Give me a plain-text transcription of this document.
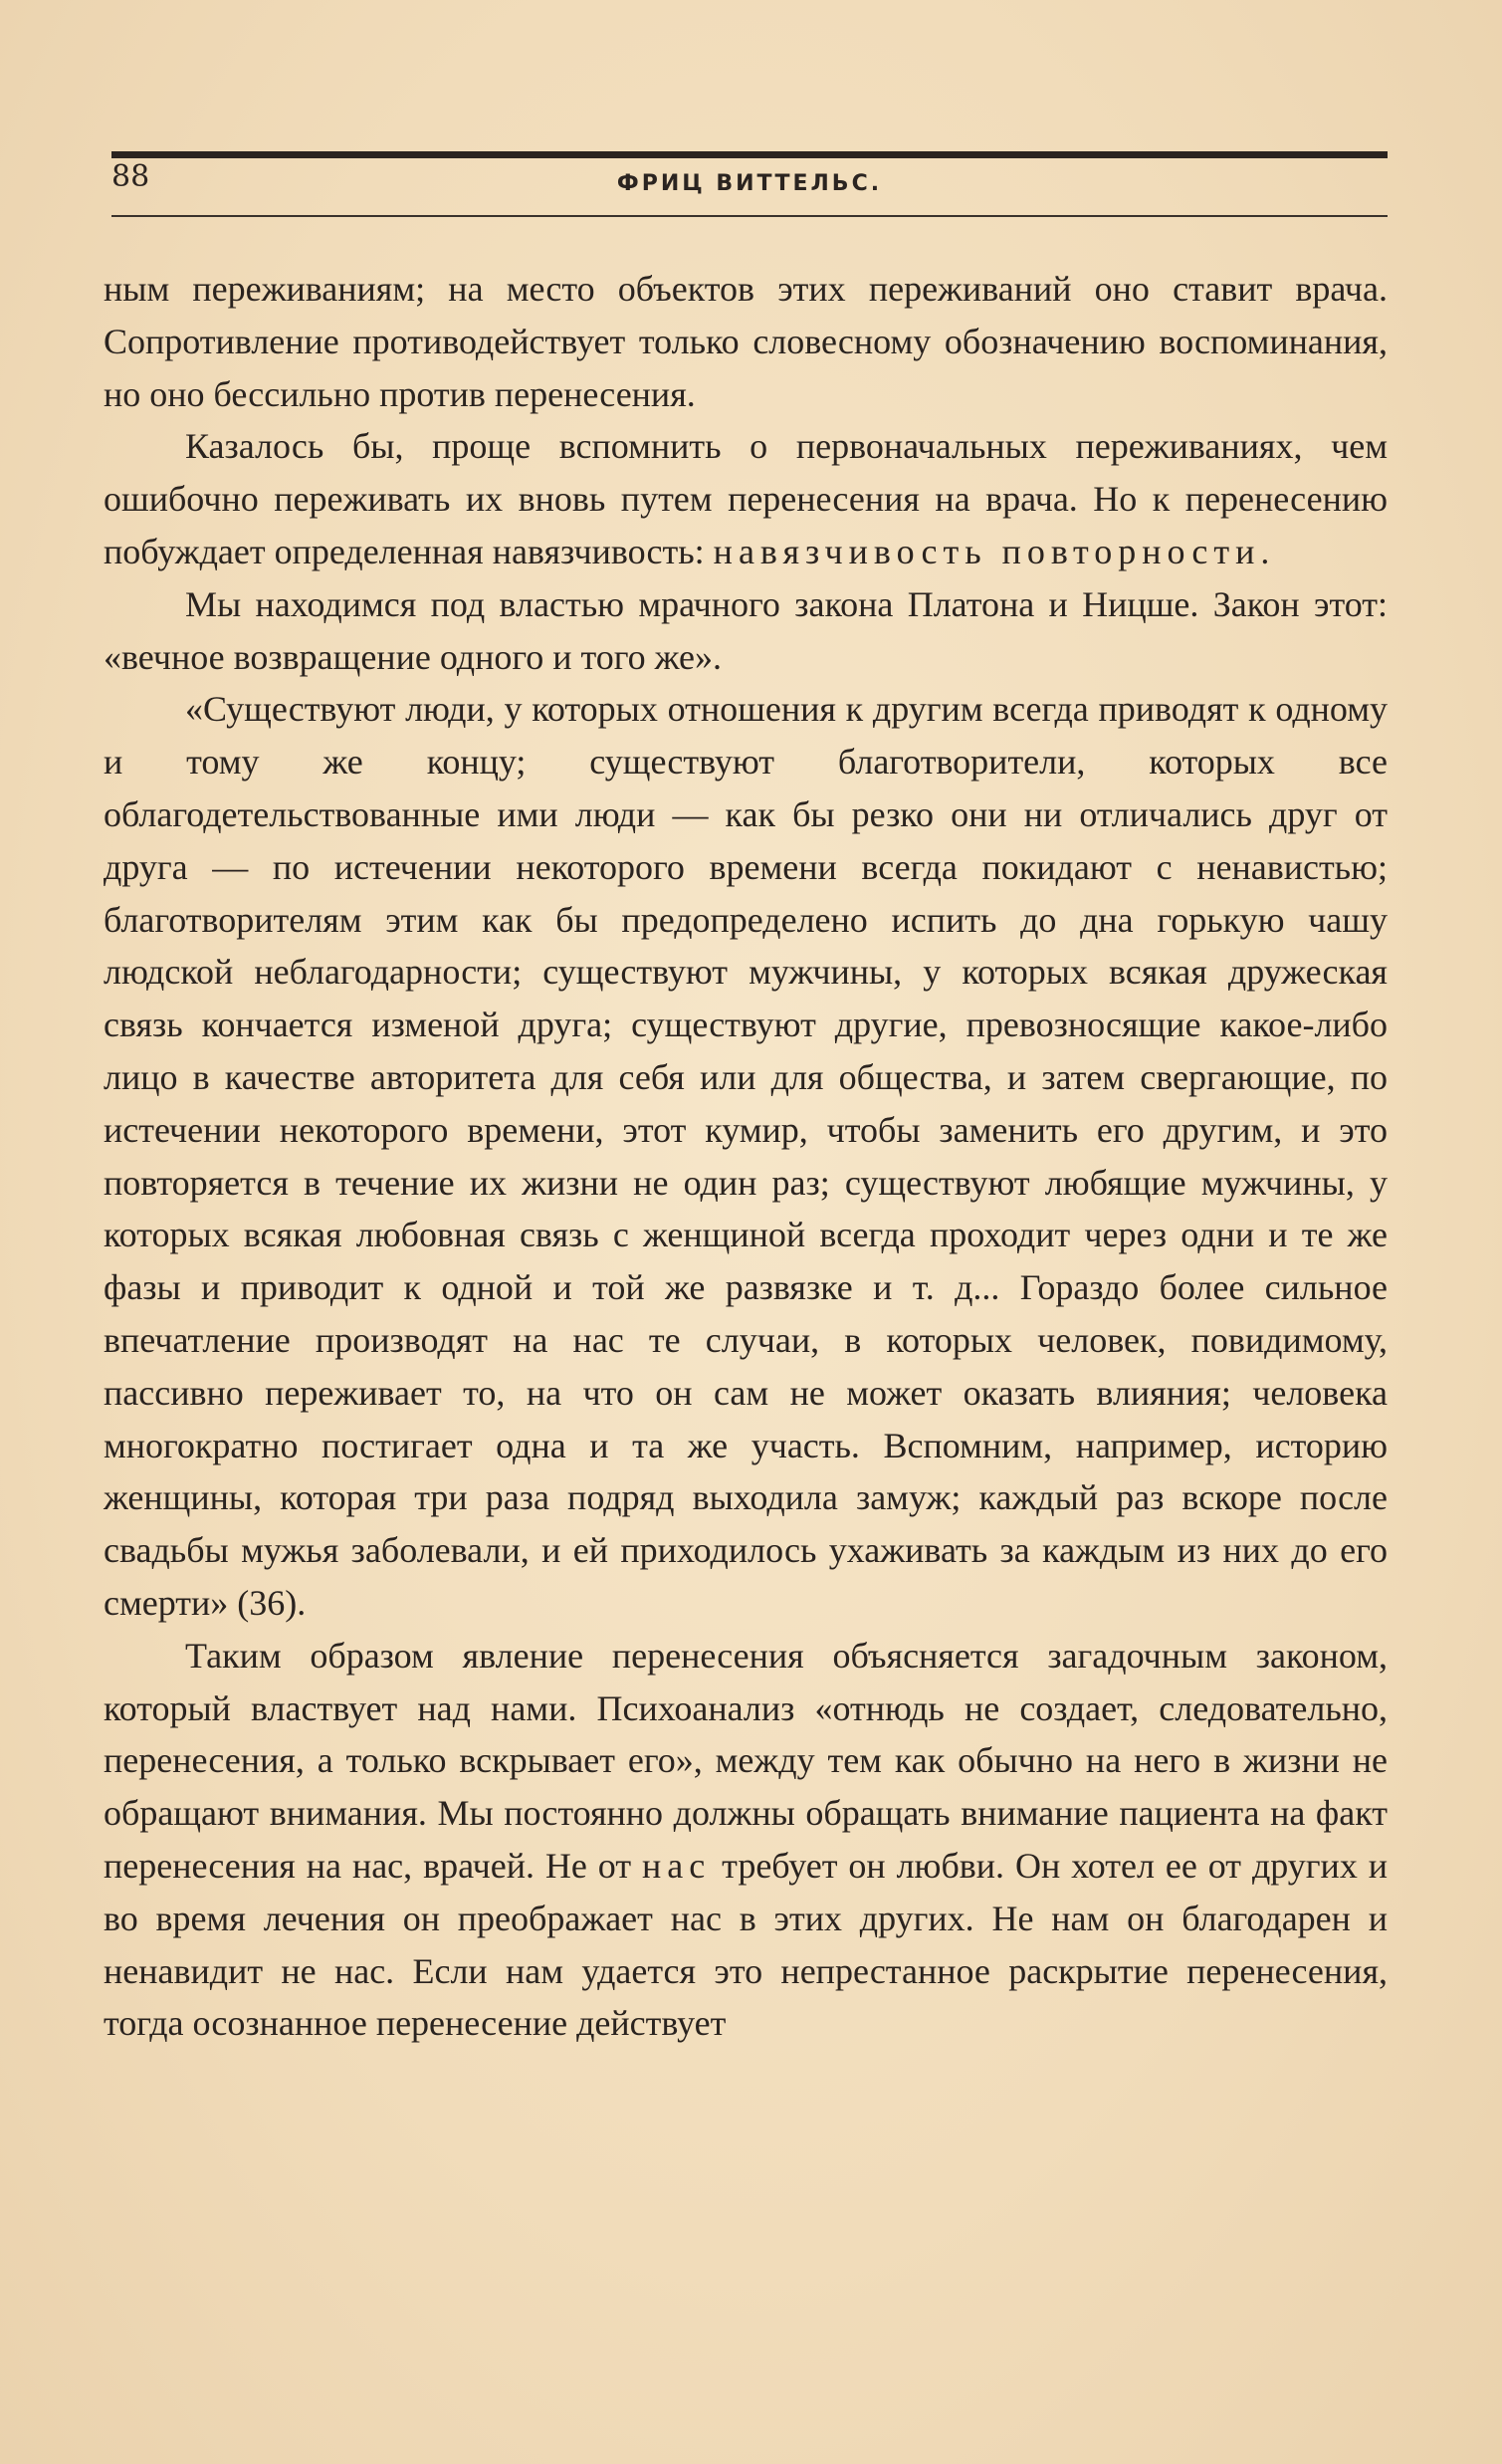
88	ФРИЦ ВИТТЕЛЬС.

ным переживаниям; на место объектов этих переживаний оно ставит врача. Сопротивление противодействует только словесному обозначению воспоминания, но оно бессильно против перенесения.

Казалось бы, проще вспомнить о первоначальных переживаниях, чем ошибочно переживать их вновь путем перенесения на врача. Но к перенесению побуждает определенная навязчивость: навязчивость повторности.

Мы находимся под властью мрачного закона Платона и Ницше. Закон этот: «вечное возвращение одного и того же».

«Существуют люди, у которых отношения к другим всегда приводят к одному и тому же концу; существуют благотворители, которых все облагодетельствованные ими люди — как бы резко они ни отличались друг от друга — по истечении некоторого времени всегда покидают с ненавистью; благотворителям этим как бы предопределено испить до дна горькую чашу людской неблагодарности; существуют мужчины, у которых всякая дружеская связь кончается изменой друга; существуют другие, превозносящие какое-либо лицо в качестве авторитета для себя или для общества, и затем свергающие, по истечении некоторого времени, этот кумир, чтобы заменить его другим, и это повторяется в течение их жизни не один раз; существуют любящие мужчины, у которых всякая любовная связь с женщиной всегда проходит через одни и те же фазы и приводит к одной и той же развязке и т. д... Гораздо более сильное впечатление производят на нас те случаи, в которых человек, повидимому, пассивно переживает то, на что он сам не может оказать влияния; человека многократно постигает одна и та же участь. Вспомним, например, историю женщины, которая три раза подряд выходила замуж; каждый раз вскоре после свадьбы мужья заболевали, и ей приходилось ухаживать за каждым из них до его смерти» (36).

Таким образом явление перенесения объясняется загадочным законом, который властвует над нами. Психоанализ «отнюдь не создает, следовательно, перенесения, а только вскрывает его», между тем как обычно на него в жизни не обращают внимания. Мы постоянно должны обращать внимание пациента на факт перенесения на нас, врачей. Не от нас требует он любви. Он хотел ее от других и во время лечения он преображает нас в этих других. Не нам он благодарен и ненавидит не нас. Если нам удается это непрестанное раскрытие перенесения, тогда осознанное перенесение действует
